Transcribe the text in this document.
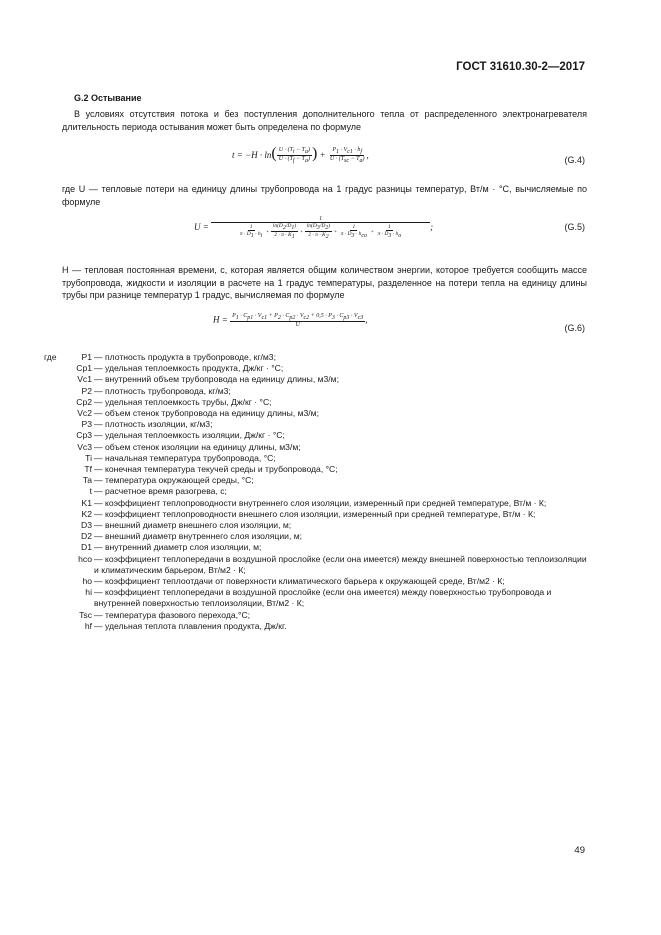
ГОСТ 31610.30-2—2017
G.2 Остывание
В условиях отсутствия потока и без поступления дополнительного тепла от распределенного электронагревателя длительность периода остывания может быть определена по формуле
$t = -H \cdot \ln( \frac{U \cdot (T_i - T_a)}{U \cdot (T_f - T_a)}$ ) + $\frac{P_1 \cdot V_{c1} \cdot h_f}{U \cdot (T_{sc} - T_a)}$ ,	(G.4)
где U — тепловые потери на единицу длины трубопровода на 1 градус разницы температур, Вт/м · °С, вычисляемые по формуле
U =
1
$\frac{1}{\pi \cdot D_1 \cdot h_i} + \frac{\ln(D_2/D_1)}{2 \cdot \pi \cdot K_1} + \frac{\ln(D_3/D_2)}{2 \cdot \pi \cdot K_2} + \frac{1}{\pi \cdot D_3 \cdot h_{co}} + \frac{1}{\pi \cdot D_3 \cdot h_o}$	;	(G.5)
H — тепловая постоянная времени, с, которая является общим количеством энергии, которое требуется сообщить массе трубопровода, жидкости и изоляции в расчете на 1 градус температуры, разделенное на потери тепла на единицу длины трубы при разнице температур 1 градус, вычисляемая по формуле
$H = \frac{P_1 \cdot C_{p1} \cdot V_{c1} + P_2 \cdot C_{p2} \cdot V_{c2} + 0,5 \cdot P_3 \cdot C_{p3} \cdot V_{c3}}{U}$ ,
(G.6)
где	P1 — плотность продукта в трубопроводе, кг/м3;
Cp1 — удельная теплоемкость продукта, Дж/кг · °С;
Vc1 — внутренний объем трубопровода на единицу длины, м3/м;
P2 — плотность трубопровода, кг/м3;
Cp2 — удельная теплоемкость трубы, Дж/кг · °С;
Vc2 — объем стенок трубопровода на единицу длины, м3/м;
P3 — плотность изоляции, кг/м3;
Cp3 — удельная теплоемкость изоляции, Дж/кг · °С;
Vc3 — объем стенок изоляции на единицу длины, м3/м;
Ti — начальная температура трубопровода, °С;
Tf — конечная температура текучей среды и трубопровода, °С;
Ta — температура окружающей среды, °С;
t — расчетное время разогрева, с;
K1 — коэффициент теплопроводности внутреннего слоя изоляции, измеренный при средней температуре, Вт/м · К;
K2 — коэффициент теплопроводности внешнего слоя изоляции, измеренный при средней температуре, Вт/м · К;
D3 — внешний диаметр внешнего слоя изоляции, м;
D2 — внешний диаметр внутреннего слоя изоляции, м;
D1 — внутренний диаметр слоя изоляции, м;
hco — коэффициент теплопередачи в воздушной прослойке (если она имеется) между внешней поверхностью теплоизоляции и климатическим барьером, Вт/м2 · К;
ho — коэффициент теплоотдачи от поверхности климатического барьера к окружающей среде, Вт/м2 · К;
hi — коэффициент теплопередачи в воздушной прослойке (если она имеется) между поверхностью трубопровода и внутренней поверхностью теплоизоляции, Вт/м2 · К;
Tsc — температура фазового перехода,°С;
hf — удельная теплота плавления продукта, Дж/кг.
49
